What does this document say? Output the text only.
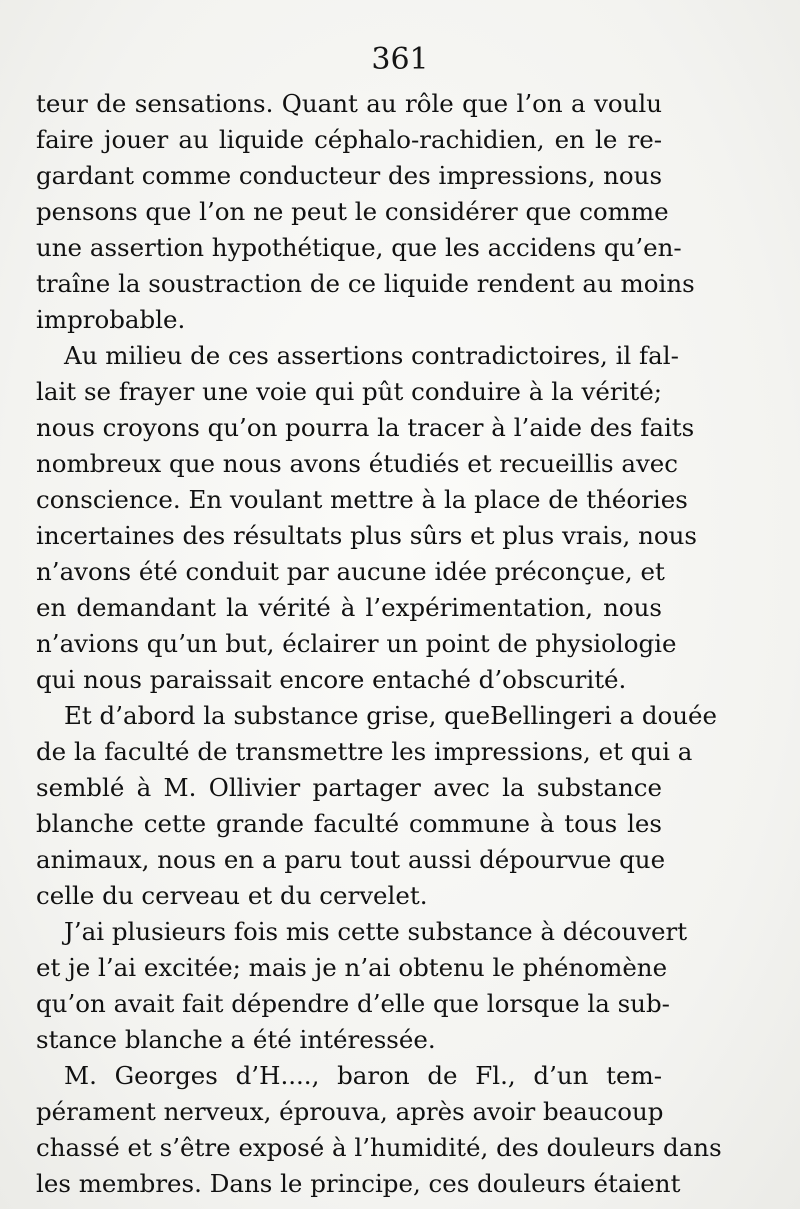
361

teur de sensations. Quant au rôle que l’on a voulu
faire jouer au liquide céphalo-rachidien, en le re-
gardant comme conducteur des impressions, nous
pensons que l’on ne peut le considérer que comme
une assertion hypothétique, que les accidens qu’en-
traîne la soustraction de ce liquide rendent au moins
improbable.

Au milieu de ces assertions contradictoires, il fal-
lait se frayer une voie qui pût conduire à la vérité;
nous croyons qu’on pourra la tracer à l’aide des faits
nombreux que nous avons étudiés et recueillis avec
conscience. En voulant mettre à la place de théories
incertaines des résultats plus sûrs et plus vrais, nous
n’avons été conduit par aucune idée préconçue, et
en demandant la vérité à l’expérimentation, nous
n’avions qu’un but, éclairer un point de physiologie
qui nous paraissait encore entaché d’obscurité.

Et d’abord la substance grise, queBellingeri a douée
de la faculté de transmettre les impressions, et qui a
semblé à M. Ollivier partager avec la substance
blanche cette grande faculté commune à tous les
animaux, nous en a paru tout aussi dépourvue que
celle du cerveau et du cervelet.

J’ai plusieurs fois mis cette substance à découvert
et je l’ai excitée; mais je n’ai obtenu le phénomène
qu’on avait fait dépendre d’elle que lorsque la sub-
stance blanche a été intéressée.

M. Georges d’H...., baron de Fl., d’un tem-
pérament nerveux, éprouva, après avoir beaucoup
chassé et s’être exposé à l’humidité, des douleurs dans
les membres. Dans le principe, ces douleurs étaient
